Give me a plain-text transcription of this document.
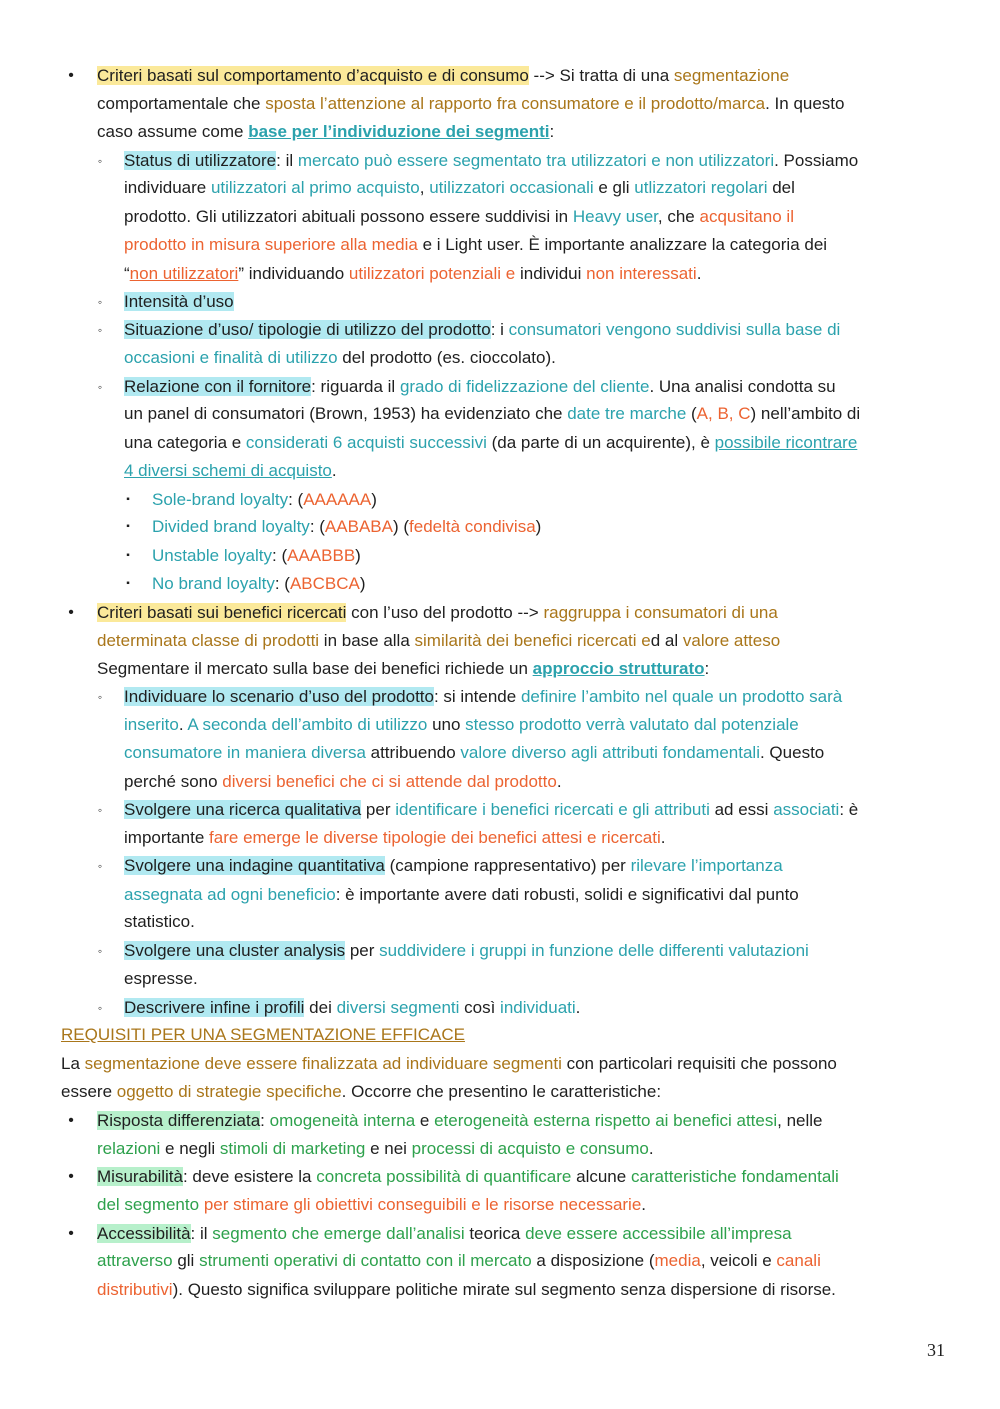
• Criteri basati sul comportamento d’acquisto e di consumo --> Si tratta di una segmentazione
comportamentale che sposta l’attenzione al rapporto fra consumatore e il prodotto/marca. In questo
caso assume come base per l’individuzione dei segmenti:
◦ Status di utilizzatore: il mercato può essere segmentato tra utilizzatori e non utilizzatori. Possiamo
individuare utilizzatori al primo acquisto, utilizzatori occasionali e gli utlizzatori regolari del
prodotto. Gli utilizzatori abituali possono essere suddivisi in Heavy user, che acqusitano il
prodotto in misura superiore alla media e i Light user. È importante analizzare la categoria dei
“non utilizzatori” individuando utilizzatori potenziali e individui non interessati.
◦ Intensità d’uso
◦ Situazione d’uso/ tipologie di utilizzo del prodotto: i consumatori vengono suddivisi sulla base di
occasioni e finalità di utilizzo del prodotto (es. cioccolato).
◦ Relazione con il fornitore: riguarda il grado di fidelizzazione del cliente. Una analisi condotta su
un panel di consumatori (Brown, 1953) ha evidenziato che date tre marche (A, B, C) nell’ambito di
una categoria e considerati 6 acquisti successivi (da parte di un acquirente), è possibile ricontrare
4 diversi schemi di acquisto.
▪ Sole-brand loyalty: (AAAAAA)
▪ Divided brand loyalty: (AABABA) (fedeltà condivisa)
▪ Unstable loyalty: (AAABBB)
▪ No brand loyalty: (ABCBCA)
• Criteri basati sui benefici ricercati con l’uso del prodotto --> raggruppa i consumatori di una
determinata classe di prodotti in base alla similarità dei benefici ricercati ed al valore atteso
Segmentare il mercato sulla base dei benefici richiede un approccio strutturato:
◦ Individuare lo scenario d’uso del prodotto: si intende definire l’ambito nel quale un prodotto sarà
inserito. A seconda dell’ambito di utilizzo uno stesso prodotto verrà valutato dal potenziale
consumatore in maniera diversa attribuendo valore diverso agli attributi fondamentali. Questo
perché sono diversi benefici che ci si attende dal prodotto.
◦ Svolgere una ricerca qualitativa per identificare i benefici ricercati e gli attributi ad essi associati: è
importante fare emerge le diverse tipologie dei benefici attesi e ricercati.
◦ Svolgere una indagine quantitativa (campione rappresentativo) per rilevare l’importanza
assegnata ad ogni beneficio: è importante avere dati robusti, solidi e significativi dal punto
statistico.
◦ Svolgere una cluster analysis per suddividere i gruppi in funzione delle differenti valutazioni
espresse.
◦ Descrivere infine i profili dei diversi segmenti così individuati.
REQUISITI PER UNA SEGMENTAZIONE EFFICACE
La segmentazione deve essere finalizzata ad individuare segmenti con particolari requisiti che possono
essere oggetto di strategie specifiche. Occorre che presentino le caratteristiche:
• Risposta differenziata: omogeneità interna e eterogeneità esterna rispetto ai benefici attesi, nelle
relazioni e negli stimoli di marketing e nei processi di acquisto e consumo.
• Misurabilità: deve esistere la concreta possibilità di quantificare alcune caratteristiche fondamentali
del segmento per stimare gli obiettivi conseguibili e le risorse necessarie.
• Accessibilità: il segmento che emerge dall’analisi teorica deve essere accessibile all’impresa
attraverso gli strumenti operativi di contatto con il mercato a disposizione (media, veicoli e canali
distributivi). Questo significa sviluppare politiche mirate sul segmento senza dispersione di risorse.
31
